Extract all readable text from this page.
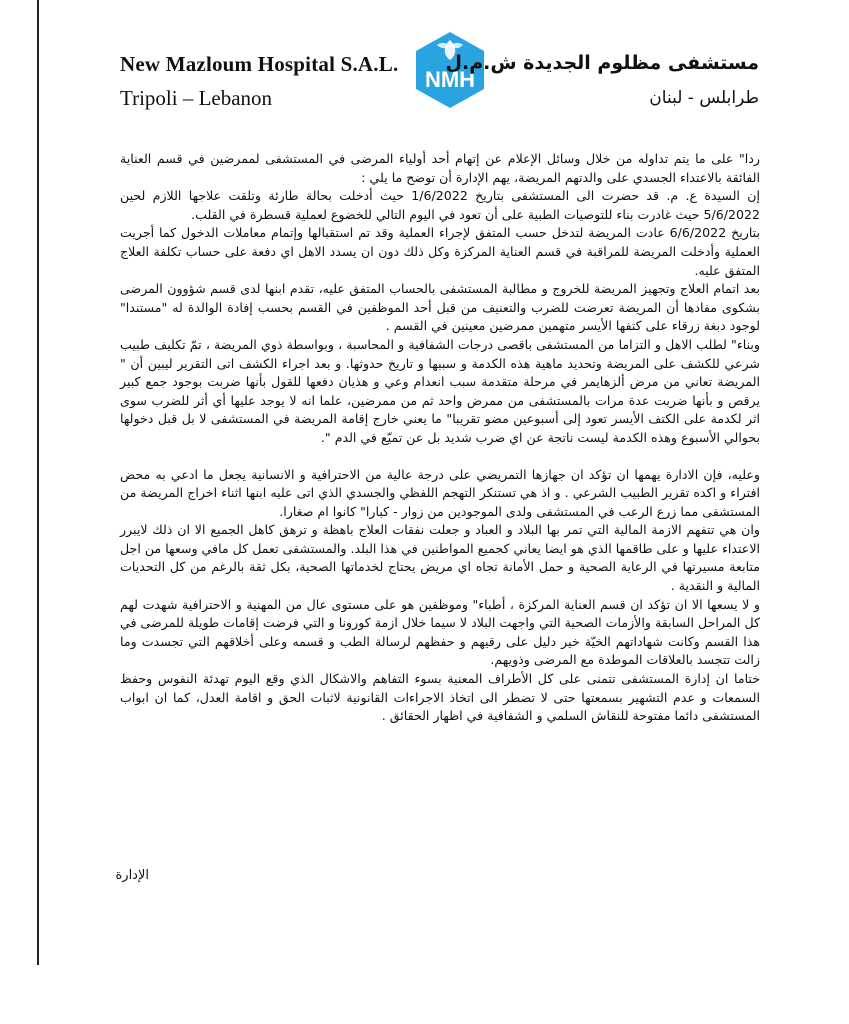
New Mazloum Hospital S.A.L.
Tripoli – Lebanon
NMH
مستشفى مظلوم الجديدة ش.م.ل
طرابلس - لبنان

ردا" على ما يتم تداوله من خلال وسائل الإعلام عن إتهام أحد أولياء المرضى في المستشفى لممرضين في قسم العناية الفائقة بالاعتداء الجسدي على والدتهم المريضة، يهم الإدارة أن توضح ما يلي :

إن السيدة ع. م. قد حضرت الى المستشفى بتاريخ 1/6/2022 حيث أدخلت بحالة طارئة وتلقت علاجها اللازم لحين 5/6/2022 حيث غادرت بناء للتوصيات الطبية على أن تعود في اليوم التالي للخضوع لعملية قسطرة في القلب.

بتاريخ 6/6/2022 عادت المريضة لتدخل حسب المتفق لإجراء العملية وقد تم استقبالها وإتمام معاملات الدخول كما أجريت العملية وأدخلت المريضة للمراقبة في قسم العناية المركزة وكل ذلك دون ان يسدد الاهل اي دفعة على حساب تكلفة العلاج المتفق عليه.

بعد اتمام العلاج وتجهيز المريضة للخروج و مطالبة المستشفى بالحساب المتفق عليه، تقدم ابنها لدى قسم شؤوون المرضى بشكوى مفادها أن المريضة تعرضت للضرب والتعنيف من قبل أحد الموظفين في القسم بحسب إفادة الوالدة له "مستندا" لوجود دبغة زرقاء على كتفها الأيسر متهمين ممرضين معينين في القسم .

وبناء" لطلب الاهل و التزاما من المستشفى باقصى درجات الشفافية و المحاسبة ، وبواسطة ذوي المريضة ، تمّ تكليف طبيب شرعي للكشف على المريضة وتحديد ماهية هذه الكدمة و سببها و تاريخ حدوثها. و بعد اجراء الكشف اتى التقرير ليبين أن " المريضة تعاني من مرض ألزهايمر في مرحلة متقدمة سبب انعدام وعي و هذيان دفعها للقول بأنها ضربت بوجود جمع كبير يرقص و بأنها ضربت عدة مرات بالمستشفى من ممرض واحد ثم من ممرضين، علما انه لا يوجد عليها أي أثر للضرب سوى اثر لكدمة على الكتف الأيسر تعود إلى أسبوعين مضو تقريبا" ما يعني خارج إقامة المريضة في المستشفى لا بل قبل دخولها بحوالي الأسبوع وهذه الكدمة ليست ناتجة عن اي ضرب شديد بل عن تميّع في الدم ".

وعليه، فإن الادارة يهمها ان تؤكد ان جهازها التمريضي على درجة عالية من الاحترافية و الانسانية يجعل ما ادعي به محض افتراء و اكده تقرير الطبيب الشرعي . و اذ هي تستنكر التهجم اللفظي والجسدي الذي اتى عليه ابنها اثناء اخراج المريضة من المستشفى مما زرع الرعب في المستشفى ولدى الموجودين من زوار - كبارا" كانوا ام صغارا.

وان هي تتفهم الازمة المالية التي تمر بها البلاد و العباد و جعلت نفقات العلاج باهظة و ترهق كاهل الجميع الا ان ذلك لايبرر الاعتداء عليها و على طاقمها الذي هو ايضا يعاني كجميع المواطنين في هذا البلد. والمستشفى تعمل كل مافي وسعها من اجل متابعة مسيرتها في الرعاية الصحية و حمل الأمانة تجاه اي مريض يحتاج لخدماتها الصحية، بكل ثقة بالرغم من كل التحديات المالية و النقدية .

و لا يسعها الا ان تؤكد ان قسم العناية المركزة ، أطباء" وموظفين هو على مستوى عال من المهنية و الاحترافية شهدت لهم كل المراحل السابقة والأزمات الصحية التي واجهت البلاد لا سيما خلال ازمة كورونا و التي فرضت إقامات طويلة للمرضى في هذا القسم وكانت شهاداتهم الخيّة خير دليل على رقيهم و حفظهم لرسالة الطب و قسمه وعلى أخلاقهم التي تجسدت وما زالت تتجسد بالعلاقات الموطدة مع المرضى وذويهم.

ختاما ان إدارة المستشفى تتمنى على كل الأطراف المعنية بسوء التفاهم والاشكال الذي وقع اليوم تهدئة النفوس وحفظ السمعات و عدم التشهير بسمعتها حتى لا تضطر الى اتخاذ الاجراءات القانونية لاثبات الحق و اقامة العدل، كما ان ابواب المستشفى دائما مفتوحة للنقاش السلمي و الشفافية في اظهار الحقائق .

الإدارة
